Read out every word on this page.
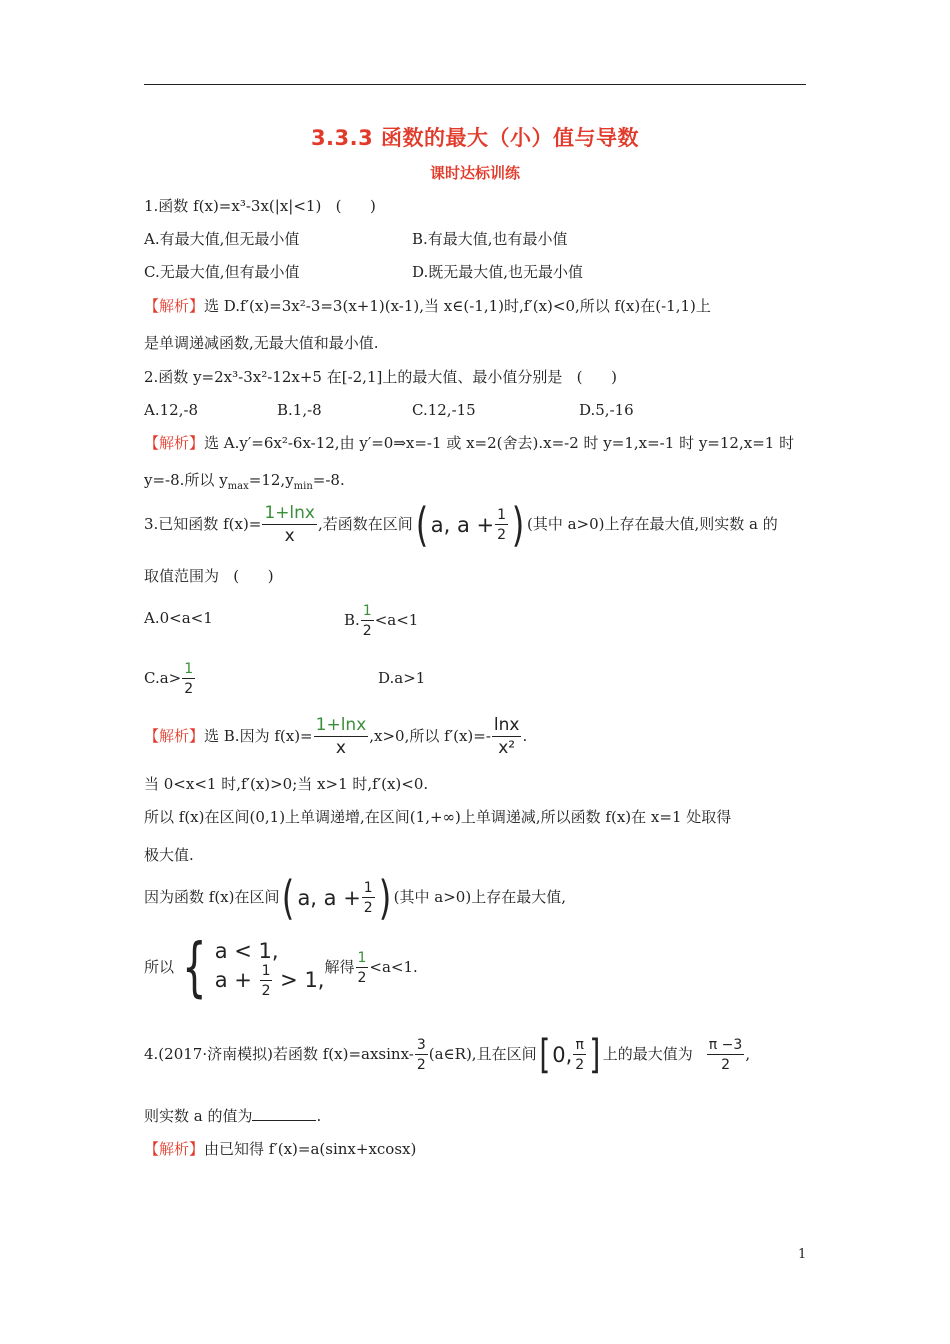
3.3.3 函数的最大（小）值与导数
课时达标训练
1.函数 f(x)=x³-3x(|x|<1)   (      )
A.有最大值,但无最小值	B.有最大值,也有最小值
C.无最大值,但有最小值	D.既无最大值,也无最小值
【解析】选 D.f′(x)=3x²-3=3(x+1)(x-1),当 x∈(-1,1)时,f′(x)<0,所以 f(x)在(-1,1)上
是单调递减函数,无最大值和最小值.
2.函数 y=2x³-3x²-12x+5 在[-2,1]上的最大值、最小值分别是   (      )
A.12,-8	B.1,-8	C.12,-15	D.5,-16
【解析】选 A.y′=6x²-6x-12,由 y′=0⇒x=-1 或 x=2(舍去).x=-2 时 y=1,x=-1 时 y=12,x=1 时
y=-8.所以 $y_{max}=12,y_{min}=-8$.
3.已知函数 $f(x)= \frac{1+\ln x}{x}$ ,若函数在区间( a, $a + \frac{1}{2}$ ) (其中 a>0)上存在最大值,则实数 a 的
取值范围为   (      )
A.0<a<1	B. $\frac{1}{2} <a<1$
$C.a> \frac{1}{2}$	D.a>1
【解析】选 B.因为 $f(x)= \frac{1+\ln x}{x} ,x>0$,所以 $f'(x)=- \frac{\ln x}{\text{x²}}$ .
当 0<x<1 时,f′(x)>0;当 x>1 时,f′(x)<0.
所以 f(x)在区间(0,1)上单调递增,在区间(1,+∞)上单调递减,所以函数 f(x)在 x=1 处取得
极大值.
因为函数 f(x)在区间( a, $a + \frac{1}{2}$ ) (其中 a>0)上存在最大值,
所以 { a < 1,
$a + \frac{1}{2} > 1$,
解得 $\frac{1}{2} <a<1$.
4.(2017·济南模拟)若函数 $f(x)=axsinx- \frac{3}{2}$ (a∈R),且在区间[ 0, $\frac{\pi}{2}$ ] 上的最大值为 $\frac{\pi -3}{2}$ ,
则实数 a 的值为	.
【解析】由已知得 f′(x)=a(sinx+xcosx)
1
